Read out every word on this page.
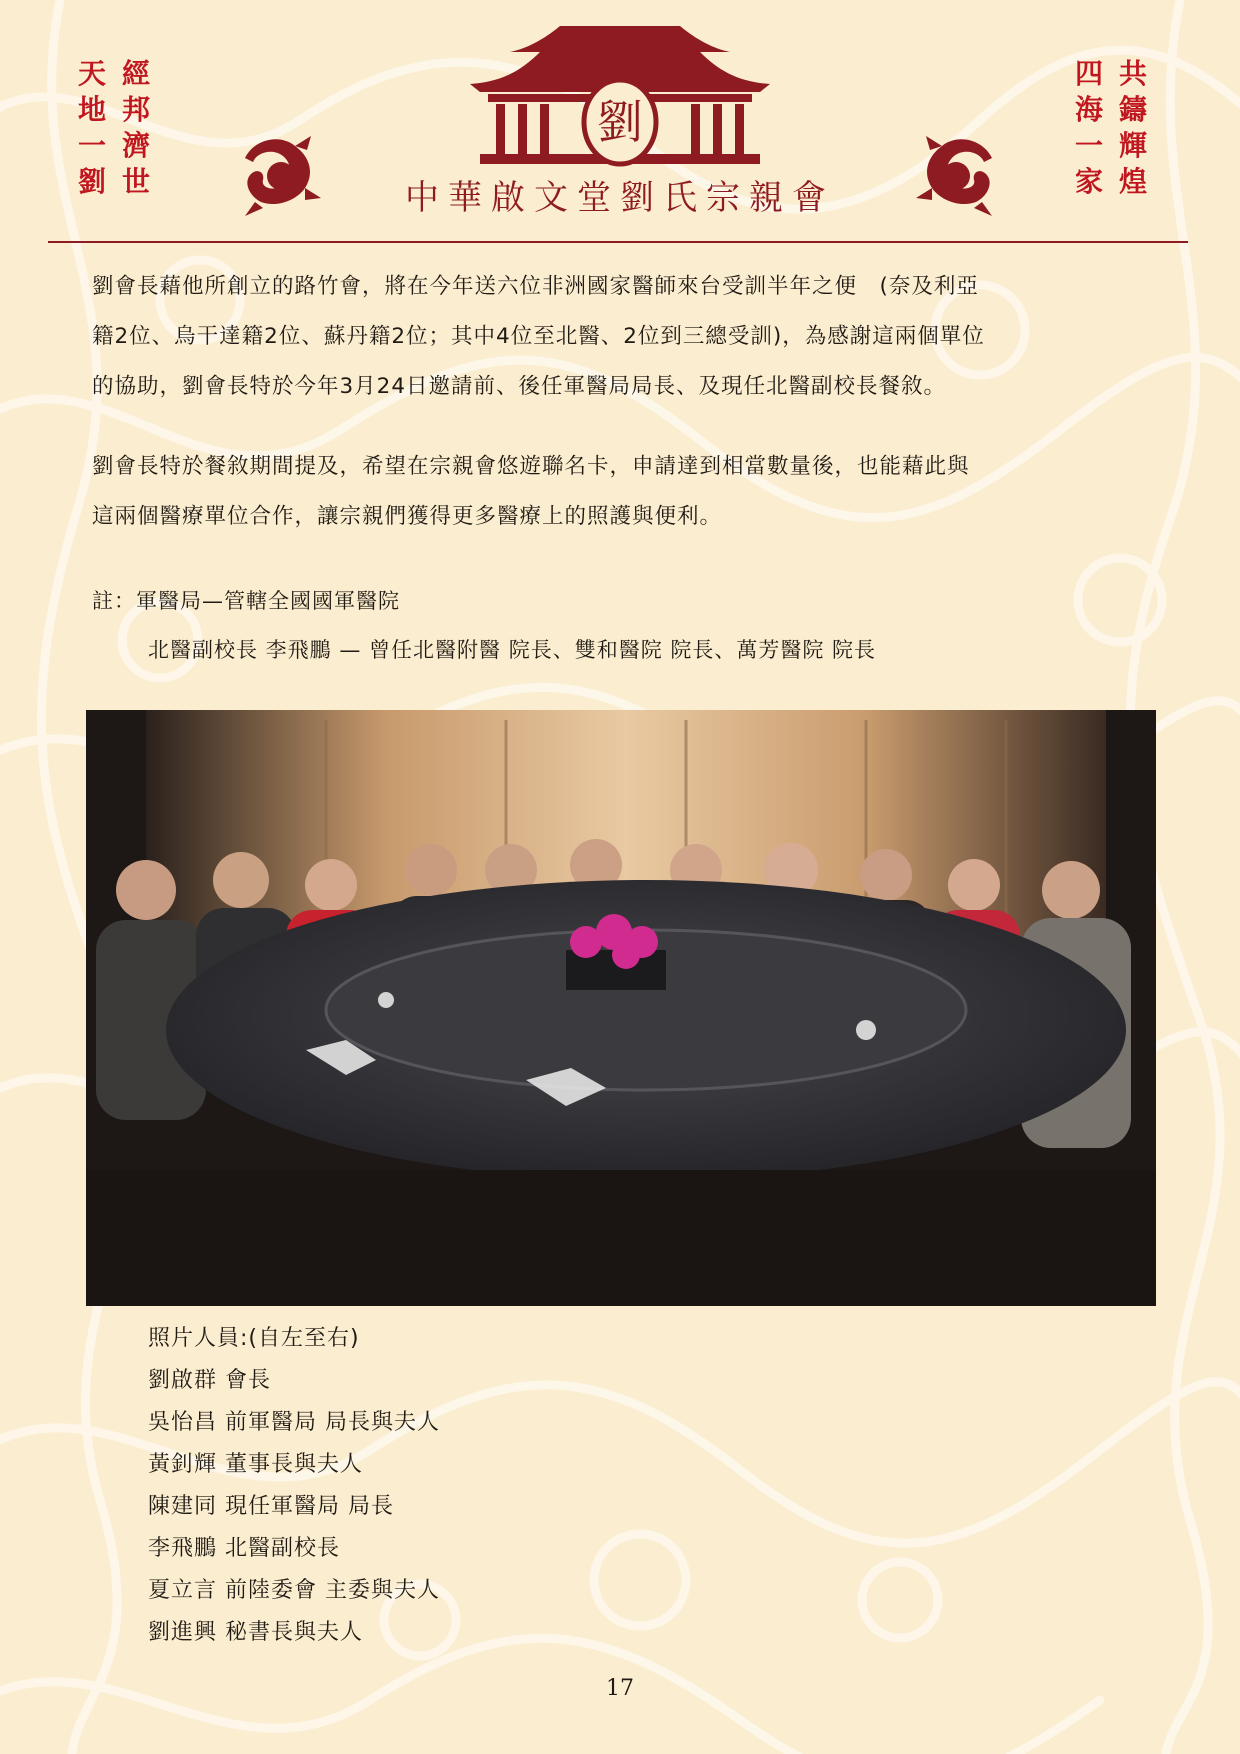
天
地
一
劉
經
邦
濟
世
四
海
一
家
共
鑄
輝
煌
劉
中華啟文堂劉氏宗親會

劉會長藉他所創立的路竹會，將在今年送六位非洲國家醫師來台受訓半年之便　(奈及利亞

籍2位、烏干達籍2位、蘇丹籍2位；其中4位至北醫、2位到三總受訓)，為感謝這兩個單位

的協助，劉會長特於今年3月24日邀請前、後任軍醫局局長、及現任北醫副校長餐敘。

劉會長特於餐敘期間提及，希望在宗親會悠遊聯名卡，申請達到相當數量後，也能藉此與

這兩個醫療單位合作，讓宗親們獲得更多醫療上的照護與便利。

註：軍醫局—管轄全國國軍醫院
北醫副校長 李飛鵬 — 曾任北醫附醫 院長、雙和醫院 院長、萬芳醫院 院長
照片人員:(自左至右)
劉啟群 會長
吳怡昌 前軍醫局 局長與夫人
黃釗輝 董事長與夫人
陳建同 現任軍醫局 局長
李飛鵬 北醫副校長
夏立言 前陸委會 主委與夫人
劉進興 秘書長與夫人
17
